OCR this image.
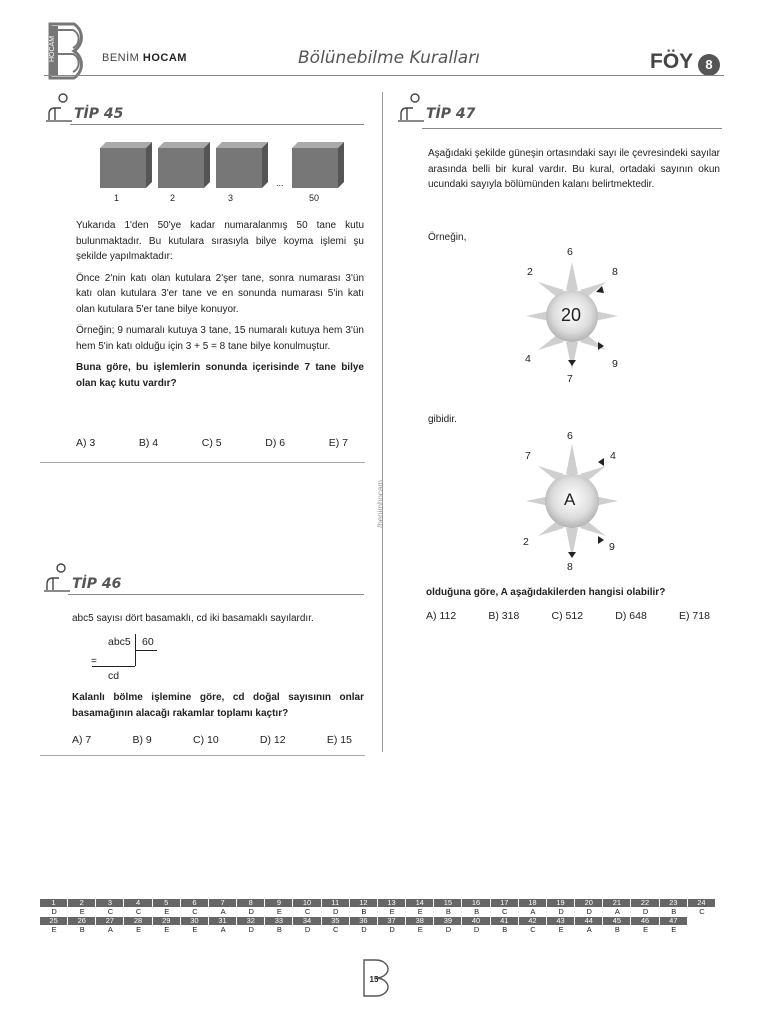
HOCAM	BENİM HOCAM	Bölünebilme Kuralları	FÖY 8
TİP 45
1	2	3
...
50

Yukarıda 1'den 50'ye kadar numaralanmış 50 tane kutu bulunmaktadır. Bu kutulara sırasıyla bilye koyma işlemi şu şekilde yapılmaktadır:

Önce 2'nin katı olan kutulara 2'şer tane, sonra numarası 3'ün katı olan kutulara 3'er tane ve en sonunda numarası 5'in katı olan kutulara 5'er tane bilye konuyor.

Örneğin; 9 numaralı kutuya 3 tane, 15 numaralı kutuya hem 3'ün hem 5'in katı olduğu için 3 + 5 = 8 tane bilye konulmuştur.

Buna göre, bu işlemlerin sonunda içerisinde 7 tane bilye olan kaç kutu vardır?

A) 3	B) 4	C) 5	D) 6	E) 7
TİP 46
abc5 sayısı dört basamaklı, cd iki basamaklı sayılardır.
abc5 60
=
cd
Kalanlı bölme işlemine göre, cd doğal sayısının onlar basamağının alacağı rakamlar toplamı kaçtır?
A) 7	B) 9	C) 10	D) 12	E) 15
/benimhocam
TİP 47
Aşağıdaki şekilde güneşin ortasındaki sayı ile çevresindeki sayılar arasında belli bir kural vardır. Bu kural, ortadaki sayının okun ucundaki sayıyla bölümünden kalanı belirtmektedir.
Örneğin,
6
2	8
20
4	9
7
gibidir.
6
7	4
A
2	9
8
olduğuna göre, A aşağıdakilerden hangisi olabilir?
A) 112	B) 318	C) 512	D) 648	E) 718
1	2	3	4	5	6	7	8	9	10	11	12	13	14	15	16	17	18	19	20	21	22	23	24
D	E	C	C	E	C	A	D	E	C	D	B	E	E	B	B	C	A	D	D	A	D	B	C
25	26	27	28	29	30	31	32	33	34	35	36	37	38	39	40	41	42	43	44	45	46	47
E	B	A	E	E	E	A	D	B	D	C	D	D	E	D	D	B	C	E	A	B	E	E
15
